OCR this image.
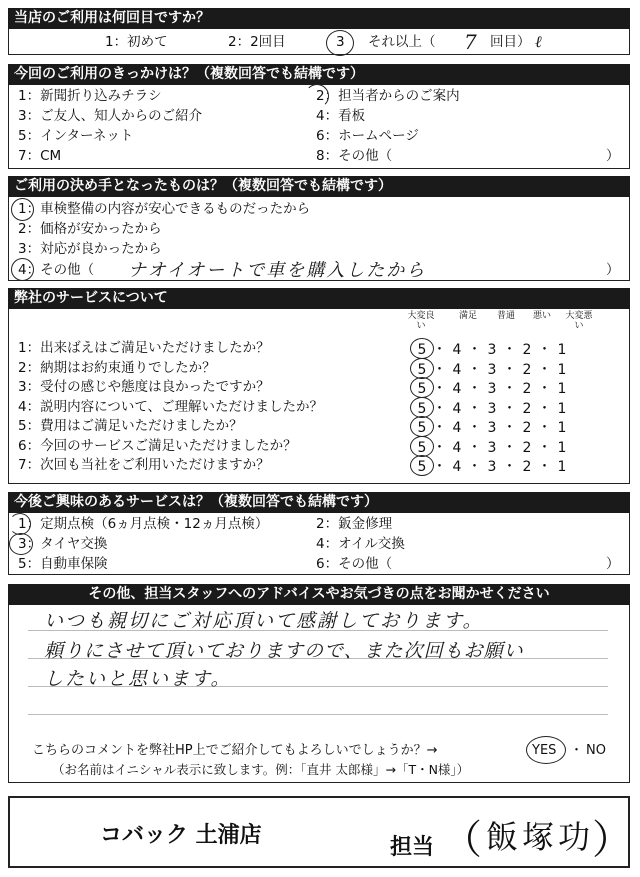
当店のご利用は何回目ですか？
1：初めて	2：2回目	3 それ以上（ 7 回目） ℓ
今回のご利用のきっかけは？（複数回答でも結構です）
1：新聞折り込みチラシ	2：担当者からのご案内
3：ご友人、知人からのご紹介	4：看板
5：インターネット	6：ホームページ
7：CM	8：その他（	）
ご利用の決め手となったものは？（複数回答でも結構です）
1：車検整備の内容が安心できるものだったから
2：価格が安かったから
3：対応が良かったから
4：その他（ ナオイオートで車を購入したから	）
弊社のサービスについて
大変良い
満足	普通	悪い	大変悪い
1：出来ばえはご満足いただけましたか？	5 ・ 4 ・ 3 ・ 2 ・ 1
2：納期はお約束通りでしたか？	5 ・ 4 ・ 3 ・ 2 ・ 1
3：受付の感じや態度は良かったですか？	5 ・ 4 ・ 3 ・ 2 ・ 1
4：説明内容について、ご理解いただけましたか？	5 ・ 4 ・ 3 ・ 2 ・ 1
5：費用はご満足いただけましたか？	5 ・ 4 ・ 3 ・ 2 ・ 1
6：今回のサービスご満足いただけましたか？	5 ・ 4 ・ 3 ・ 2 ・ 1
7：次回も当社をご利用いただけますか？	5 ・ 4 ・ 3 ・ 2 ・ 1
今後ご興味のあるサービスは？（複数回答でも結構です）
1：定期点検（6ヵ月点検・12ヵ月点検）	2：鈑金修理
3：タイヤ交換	4：オイル交換
5：自動車保険	6：その他（	）
その他、担当スタッフへのアドバイスやお気づきの点をお聞かせください
いつも親切にご対応頂いて感謝しております。
頼りにさせて頂いておりますので、また次回もお願い
したいと思います。
こちらのコメントを弊社HP上でご紹介してもよろしいでしょうか？→	YES ・ NO
（お名前はイニシャル表示に致します。例：「直井 太郎様」→「T・N様」）
コバック 土浦店	担当 （ 飯塚功
）
